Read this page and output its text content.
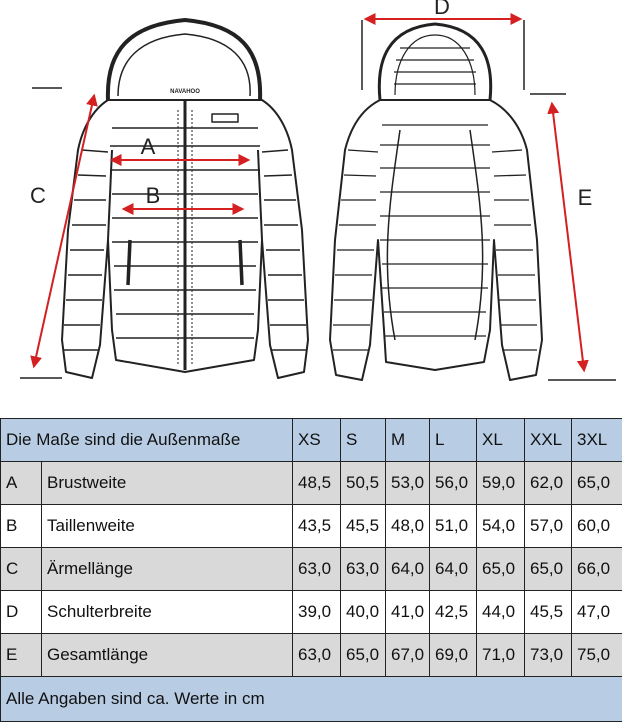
NAVAHOO
A
B
C
D
E
Die Maße sind die Außenmaße		XS	S	M	L	XL	XXL	3XL
A	Brustweite	48,5	50,5	53,0	56,0	59,0	62,0	65,0
B	Taillenweite	43,5	45,5	48,0	51,0	54,0	57,0	60,0
C	Ärmellänge	63,0	63,0	64,0	64,0	65,0	65,0	66,0
D	Schulterbreite	39,0	40,0	41,0	42,5	44,0	45,5	47,0
E	Gesamtlänge	63,0	65,0	67,0	69,0	71,0	73,0	75,0
Alle Angaben sind ca. Werte in cm								
